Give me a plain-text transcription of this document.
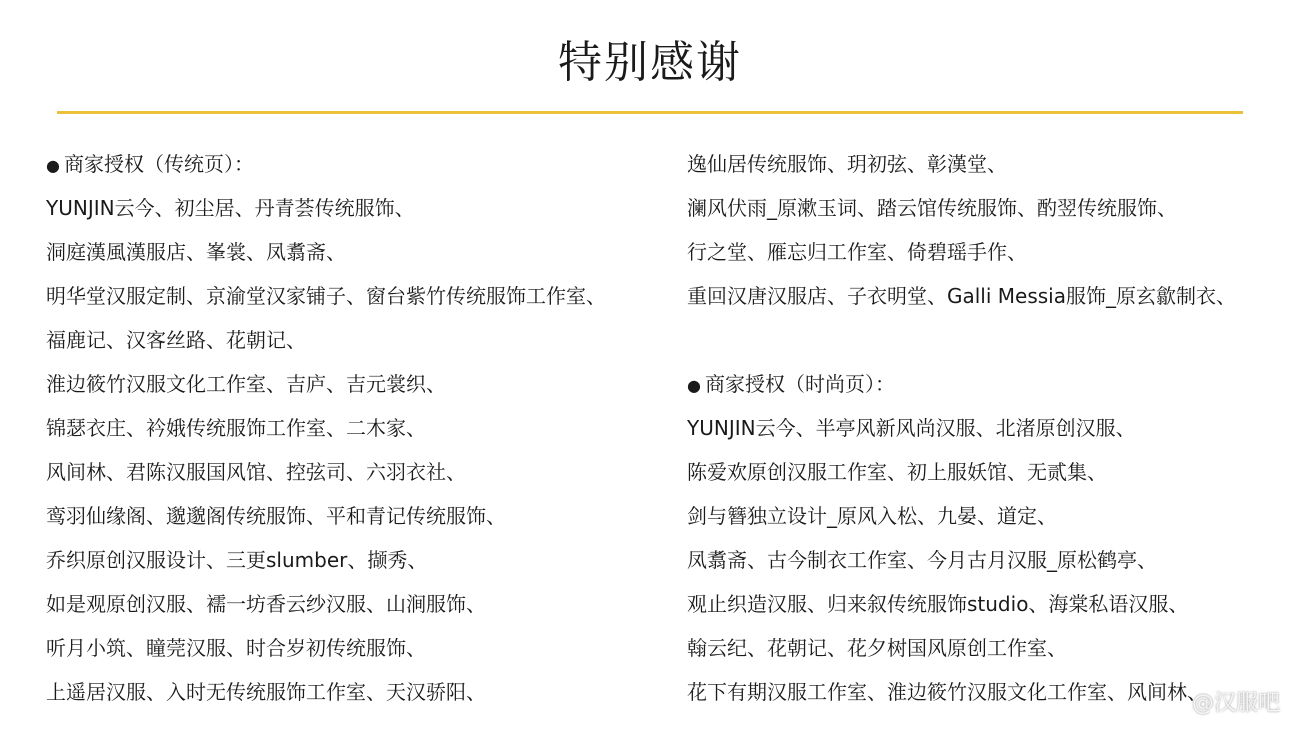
特别感谢
● 商家授权（传统页）：
YUNJIN云今、初尘居、丹青荟传统服饰、
洞庭漢風漢服店、峯裳、凤翥斋、
明华堂汉服定制、京渝堂汉家铺子、窗台紫竹传统服饰工作室、
福鹿记、汉客丝路、花朝记、
淮边筱竹汉服文化工作室、吉庐、吉元裳织、
锦瑟衣庄、衿娥传统服饰工作室、二木家、
风间林、君陈汉服国风馆、控弦司、六羽衣社、
鸾羽仙缘阁、邈邈阁传统服饰、平和青记传统服饰、
乔织原创汉服设计、三更slumber、撷秀、
如是观原创汉服、襦一坊香云纱汉服、山涧服饰、
听月小筑、瞳莞汉服、时合岁初传统服饰、
上遥居汉服、入时无传统服饰工作室、天汉骄阳、
逸仙居传统服饰、玥初弦、彰漢堂、
澜风伏雨_原漱玉词、踏云馆传统服饰、酌翌传统服饰、
行之堂、雁忘归工作室、倚碧瑶手作、
重回汉唐汉服店、子衣明堂、Galli Messia服饰_原玄歙制衣、
● 商家授权（时尚页）：
YUNJIN云今、半亭风新风尚汉服、北渚原创汉服、
陈爱欢原创汉服工作室、初上服妖馆、无贰集、
剑与簪独立设计_原风入松、九晏、道定、
凤翥斋、古今制衣工作室、今月古月汉服_原松鹤亭、
观止织造汉服、归来叙传统服饰studio、海棠私语汉服、
翰云纪、花朝记、花夕树国风原创工作室、
花下有期汉服工作室、淮边筱竹汉服文化工作室、风间林、
@汉服吧
